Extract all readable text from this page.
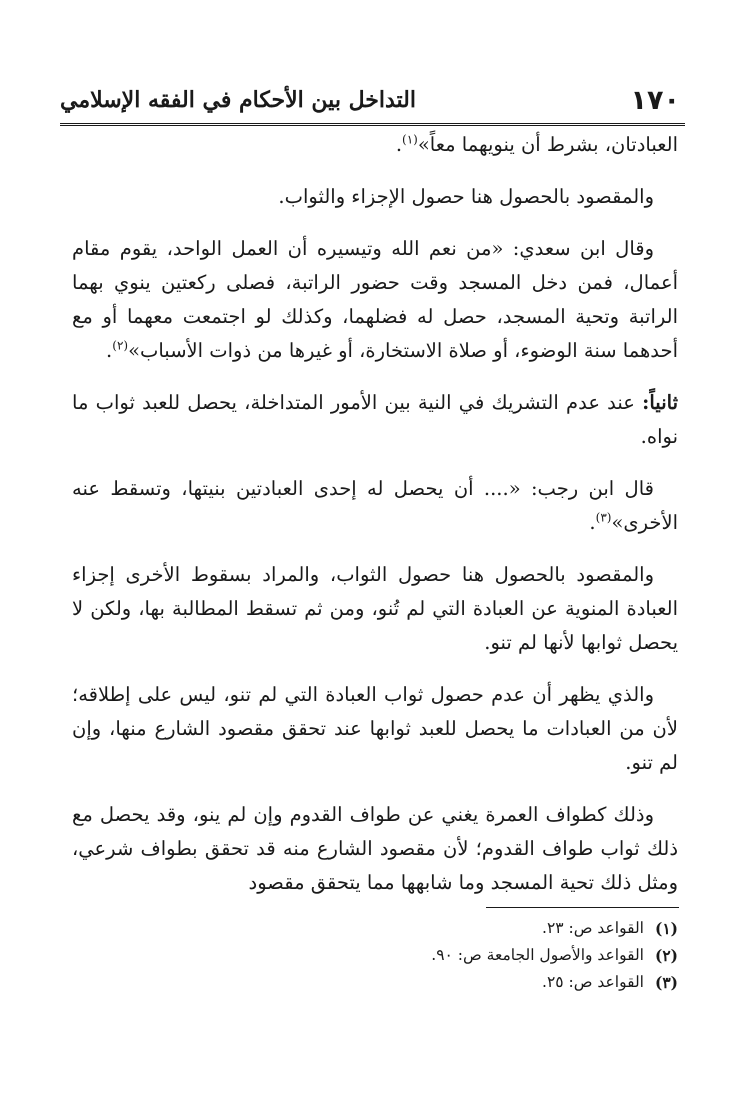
١٧٠
التداخل بين الأحكام في الفقه الإسلامي

العبادتان، بشرط أن ينويهما معاً»$^{(١)}$.

والمقصود بالحصول هنا حصول الإجزاء والثواب.

وقال ابن سعدي: «من نعم الله وتيسيره أن العمل الواحد، يقوم مقام أعمال، فمن دخل المسجد وقت حضور الراتبة، فصلى ركعتين ينوي بهما الراتبة وتحية المسجد، حصل له فضلهما، وكذلك لو اجتمعت معهما أو مع أحدهما سنة الوضوء، أو صلاة الاستخارة، أو غيرها من ذوات الأسباب»$^{(٢)}$.

ثانياً: عند عدم التشريك في النية بين الأمور المتداخلة، يحصل للعبد ثواب ما نواه.

قال ابن رجب: «.... أن يحصل له إحدى العبادتين بنيتها، وتسقط عنه الأخرى»$^{(٣)}$.

والمقصود بالحصول هنا حصول الثواب، والمراد بسقوط الأخرى إجزاء العبادة المنوية عن العبادة التي لم تُنو، ومن ثم تسقط المطالبة بها، ولكن لا يحصل ثوابها لأنها لم تنو.

والذي يظهر أن عدم حصول ثواب العبادة التي لم تنو، ليس على إطلاقه؛ لأن من العبادات ما يحصل للعبد ثوابها عند تحقق مقصود الشارع منها، وإن لم تنو.

وذلك كطواف العمرة يغني عن طواف القدوم وإن لم ينو، وقد يحصل مع ذلك ثواب طواف القدوم؛ لأن مقصود الشارع منه قد تحقق بطواف شرعي، ومثل ذلك تحية المسجد وما شابهها مما يتحقق مقصود

(١)
القواعد ص: ٢٣.
(٢)
القواعد والأصول الجامعة ص: ٩٠.
(٣)
القواعد ص: ٢٥.
